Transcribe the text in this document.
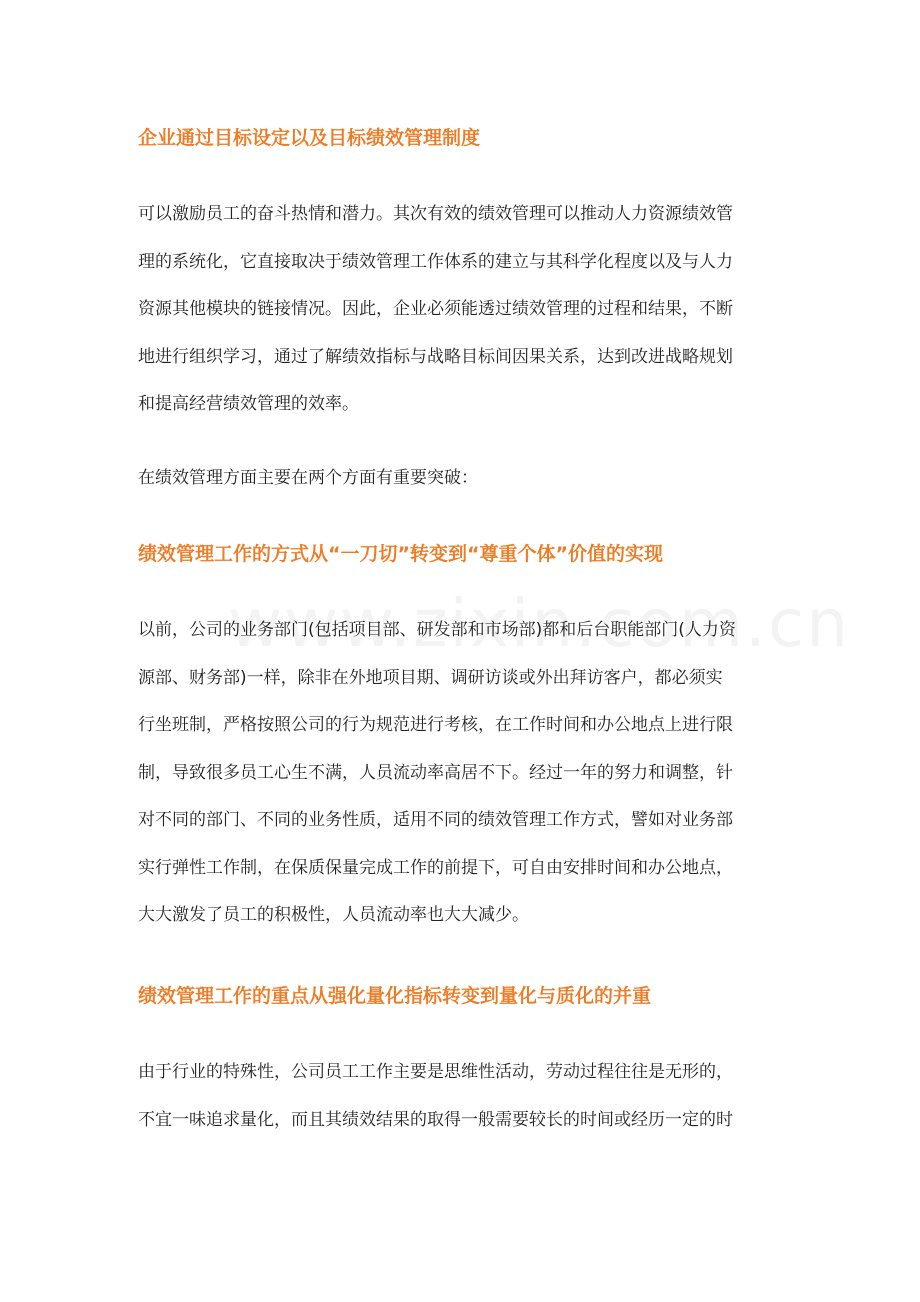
企业通过目标设定以及目标绩效管理制度

可以激励员工的奋斗热情和潜力。其次有效的绩效管理可以推动人力资源绩效管
理的系统化，它直接取决于绩效管理工作体系的建立与其科学化程度以及与人力
资源其他模块的链接情况。因此，企业必须能透过绩效管理的过程和结果，不断
地进行组织学习，通过了解绩效指标与战略目标间因果关系，达到改进战略规划
和提高经营绩效管理的效率。

在绩效管理方面主要在两个方面有重要突破：

绩效管理工作的方式从“一刀切”转变到“尊重个体”价值的实现

以前，公司的业务部门(包括项目部、研发部和市场部)都和后台职能部门(人力资
源部、财务部)一样，除非在外地项目期、调研访谈或外出拜访客户，都必须实
行坐班制，严格按照公司的行为规范进行考核，在工作时间和办公地点上进行限
制，导致很多员工心生不满，人员流动率高居不下。经过一年的努力和调整，针
对不同的部门、不同的业务性质，适用不同的绩效管理工作方式，譬如对业务部
实行弹性工作制，在保质保量完成工作的前提下，可自由安排时间和办公地点，
大大激发了员工的积极性，人员流动率也大大减少。

绩效管理工作的重点从强化量化指标转变到量化与质化的并重

由于行业的特殊性，公司员工工作主要是思维性活动，劳动过程往往是无形的，
不宜一味追求量化，而且其绩效结果的取得一般需要较长的时间或经历一定的时
